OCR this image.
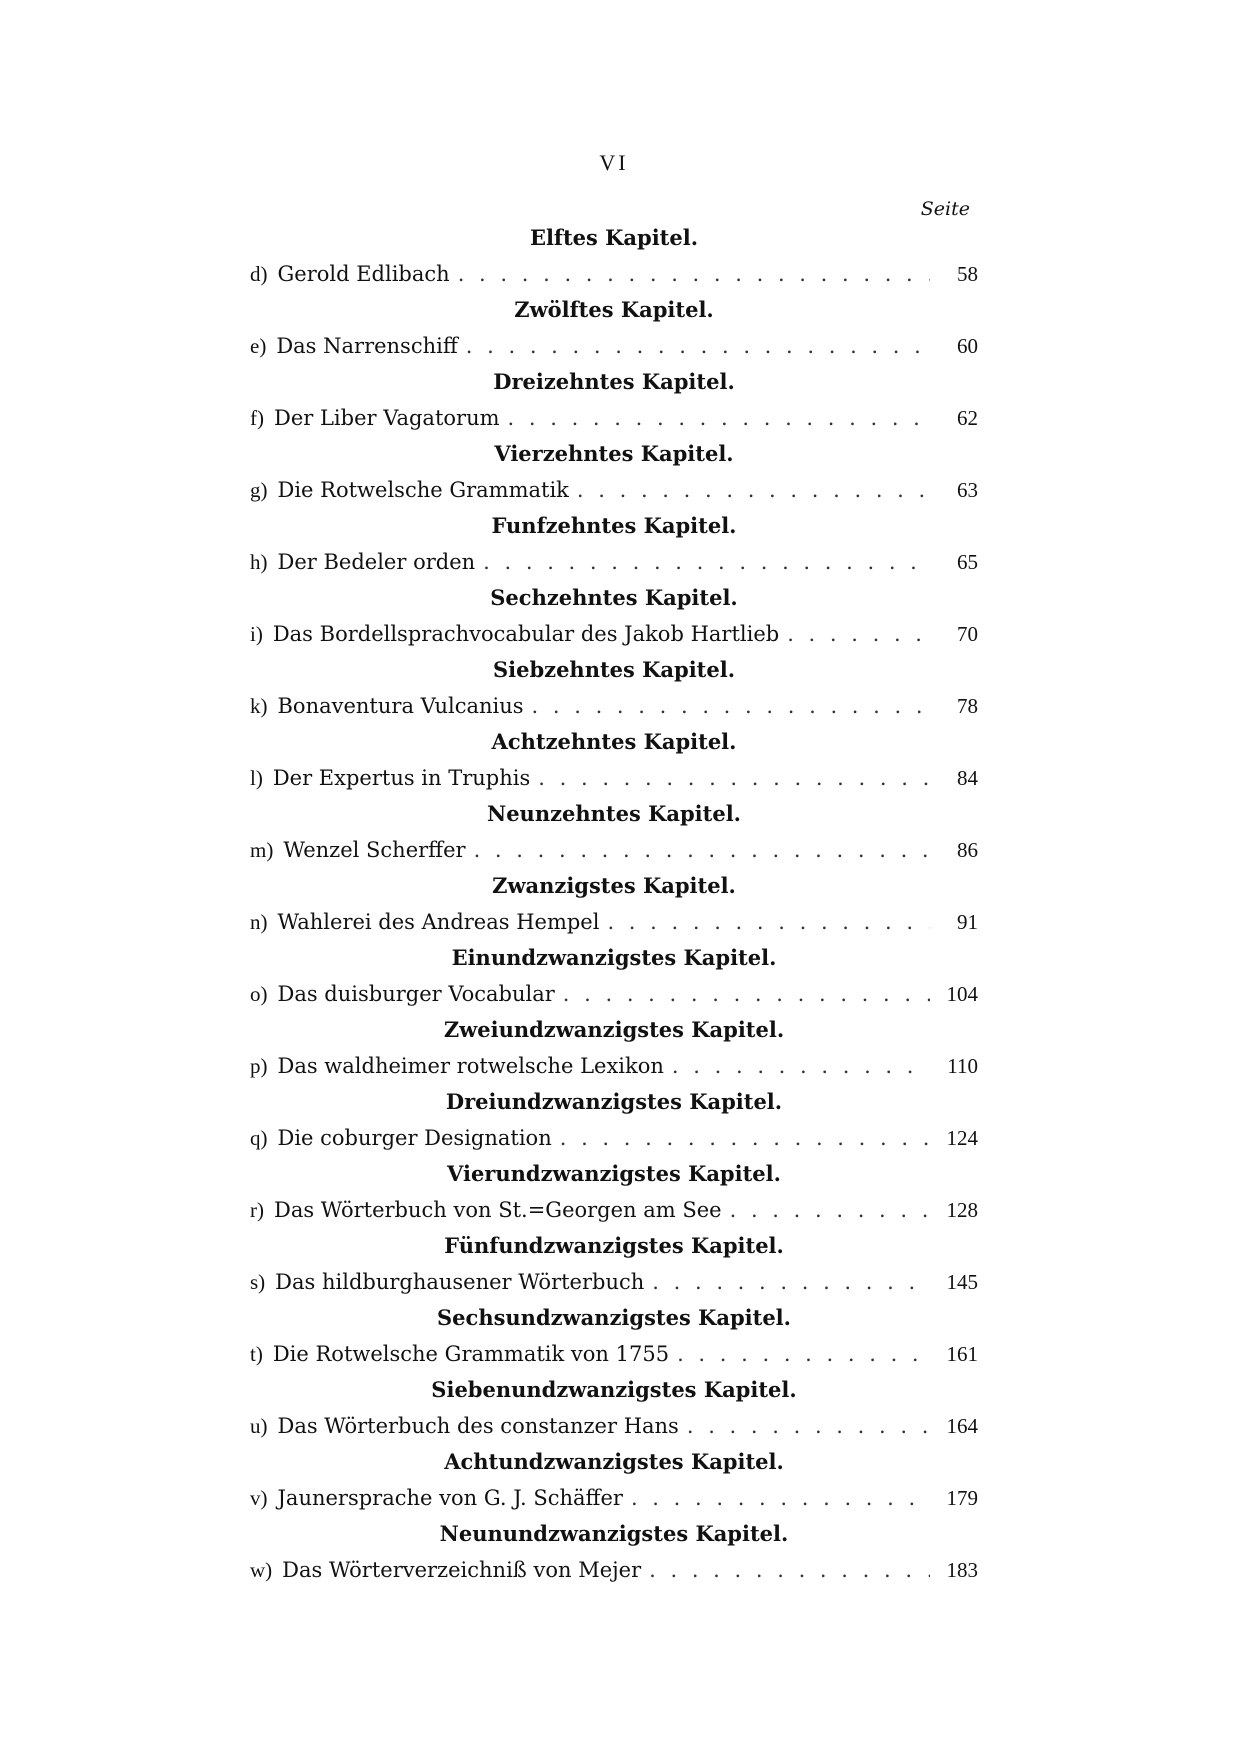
VI
Seite
Elftes Kapitel.
d) Gerold Edlibach . . .	58
Zwölftes Kapitel.
e) Das Narrenschiff . . .	60
Dreizehntes Kapitel.
f) Der Liber Vagatorum . . .	62
Vierzehntes Kapitel.
g) Die Rotwelsche Grammatik . . .	63
Funfzehntes Kapitel.
h) Der Bedeler orden . . .	65
Sechzehntes Kapitel.
i) Das Bordellsprachvocabular des Jakob Hartlieb . . .	70
Siebzehntes Kapitel.
k) Bonaventura Vulcanius . . .	78
Achtzehntes Kapitel.
l) Der Expertus in Truphis . . .	84
Neunzehntes Kapitel.
m) Wenzel Scherffer . . .	86
Zwanzigstes Kapitel.
n) Wahlerei des Andreas Hempel . . .	91
Einundzwanzigstes Kapitel.
o) Das duisburger Vocabular . . .	104
Zweiundzwanzigstes Kapitel.
p) Das waldheimer rotwelsche Lexikon . . .	110
Dreiundzwanzigstes Kapitel.
q) Die coburger Designation . . .	124
Vierundzwanzigstes Kapitel.
r) Das Wörterbuch von St.=Georgen am See . . .	128
Fünfundzwanzigstes Kapitel.
s) Das hildburghausener Wörterbuch . . .	145
Sechsundzwanzigstes Kapitel.
t) Die Rotwelsche Grammatik von 1755 . . .	161
Siebenundzwanzigstes Kapitel.
u) Das Wörterbuch des constanzer Hans . . .	164
Achtundzwanzigstes Kapitel.
v) Jaunersprache von G. J. Schäffer . . .	179
Neunundzwanzigstes Kapitel.
w) Das Wörterverzeichniß von Mejer . . .	183
